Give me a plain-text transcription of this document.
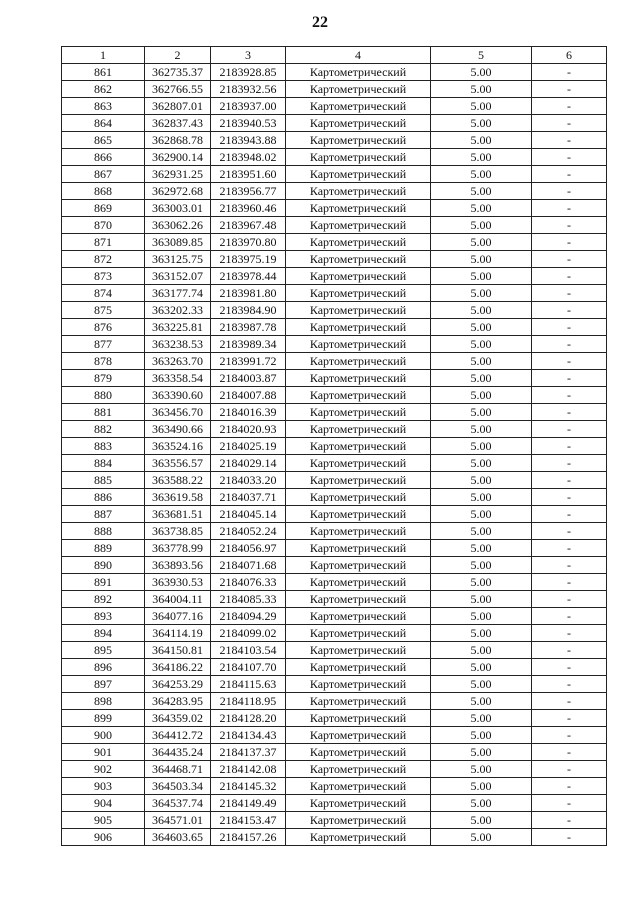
22
1	2	3	4	5	6
861	362735.37	2183928.85	Картометрический	5.00	-
862	362766.55	2183932.56	Картометрический	5.00	-
863	362807.01	2183937.00	Картометрический	5.00	-
864	362837.43	2183940.53	Картометрический	5.00	-
865	362868.78	2183943.88	Картометрический	5.00	-
866	362900.14	2183948.02	Картометрический	5.00	-
867	362931.25	2183951.60	Картометрический	5.00	-
868	362972.68	2183956.77	Картометрический	5.00	-
869	363003.01	2183960.46	Картометрический	5.00	-
870	363062.26	2183967.48	Картометрический	5.00	-
871	363089.85	2183970.80	Картометрический	5.00	-
872	363125.75	2183975.19	Картометрический	5.00	-
873	363152.07	2183978.44	Картометрический	5.00	-
874	363177.74	2183981.80	Картометрический	5.00	-
875	363202.33	2183984.90	Картометрический	5.00	-
876	363225.81	2183987.78	Картометрический	5.00	-
877	363238.53	2183989.34	Картометрический	5.00	-
878	363263.70	2183991.72	Картометрический	5.00	-
879	363358.54	2184003.87	Картометрический	5.00	-
880	363390.60	2184007.88	Картометрический	5.00	-
881	363456.70	2184016.39	Картометрический	5.00	-
882	363490.66	2184020.93	Картометрический	5.00	-
883	363524.16	2184025.19	Картометрический	5.00	-
884	363556.57	2184029.14	Картометрический	5.00	-
885	363588.22	2184033.20	Картометрический	5.00	-
886	363619.58	2184037.71	Картометрический	5.00	-
887	363681.51	2184045.14	Картометрический	5.00	-
888	363738.85	2184052.24	Картометрический	5.00	-
889	363778.99	2184056.97	Картометрический	5.00	-
890	363893.56	2184071.68	Картометрический	5.00	-
891	363930.53	2184076.33	Картометрический	5.00	-
892	364004.11	2184085.33	Картометрический	5.00	-
893	364077.16	2184094.29	Картометрический	5.00	-
894	364114.19	2184099.02	Картометрический	5.00	-
895	364150.81	2184103.54	Картометрический	5.00	-
896	364186.22	2184107.70	Картометрический	5.00	-
897	364253.29	2184115.63	Картометрический	5.00	-
898	364283.95	2184118.95	Картометрический	5.00	-
899	364359.02	2184128.20	Картометрический	5.00	-
900	364412.72	2184134.43	Картометрический	5.00	-
901	364435.24	2184137.37	Картометрический	5.00	-
902	364468.71	2184142.08	Картометрический	5.00	-
903	364503.34	2184145.32	Картометрический	5.00	-
904	364537.74	2184149.49	Картометрический	5.00	-
905	364571.01	2184153.47	Картометрический	5.00	-
906	364603.65	2184157.26	Картометрический	5.00	-
